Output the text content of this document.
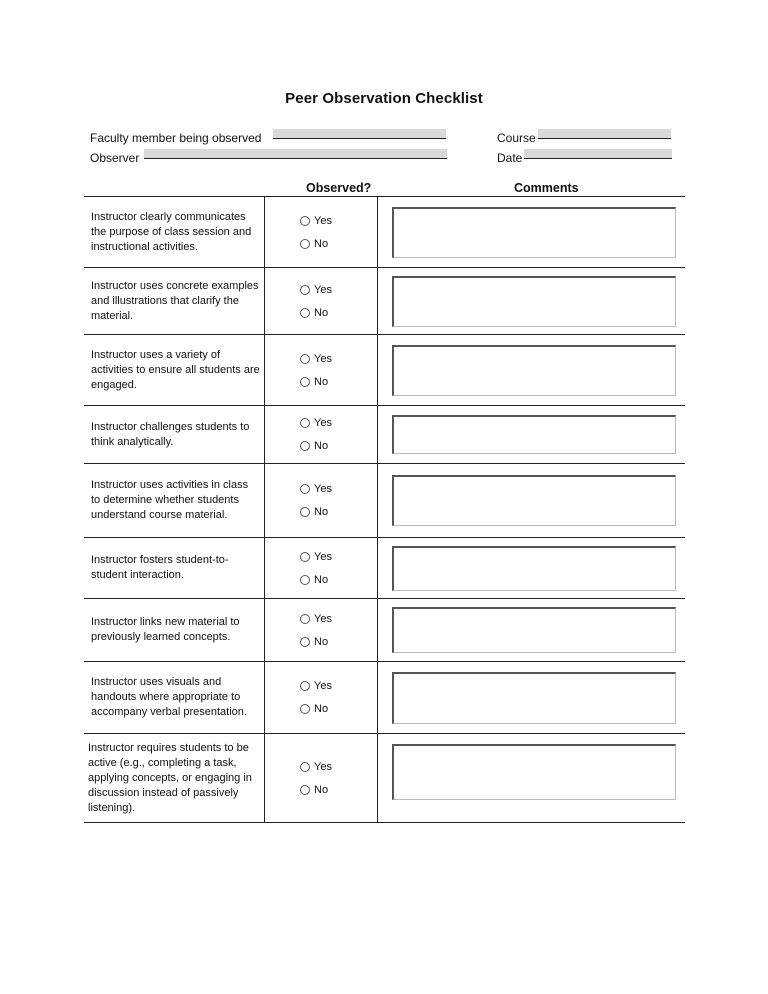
Peer Observation Checklist
Faculty member being observed
Observer
Course
Date
Observed?	Comments
Instructor clearly communicates the purpose of class session and instructional activities.
Yes
No
Instructor uses concrete examples and illustrations that clarify the material.
Yes
No
Instructor uses a variety of activities to ensure all students are engaged.
Yes
No
Instructor challenges students to think analytically.
Yes
No
Instructor uses activities in class to determine whether students understand course material.
Yes
No
Instructor fosters student-to-student interaction.
Yes
No
Instructor links new material to previously learned concepts.
Yes
No
Instructor uses visuals and handouts where appropriate to accompany verbal presentation.
Yes
No
Instructor requires students to be active (e.g., completing a task, applying concepts, or engaging in discussion instead of passively listening).
Yes
No
